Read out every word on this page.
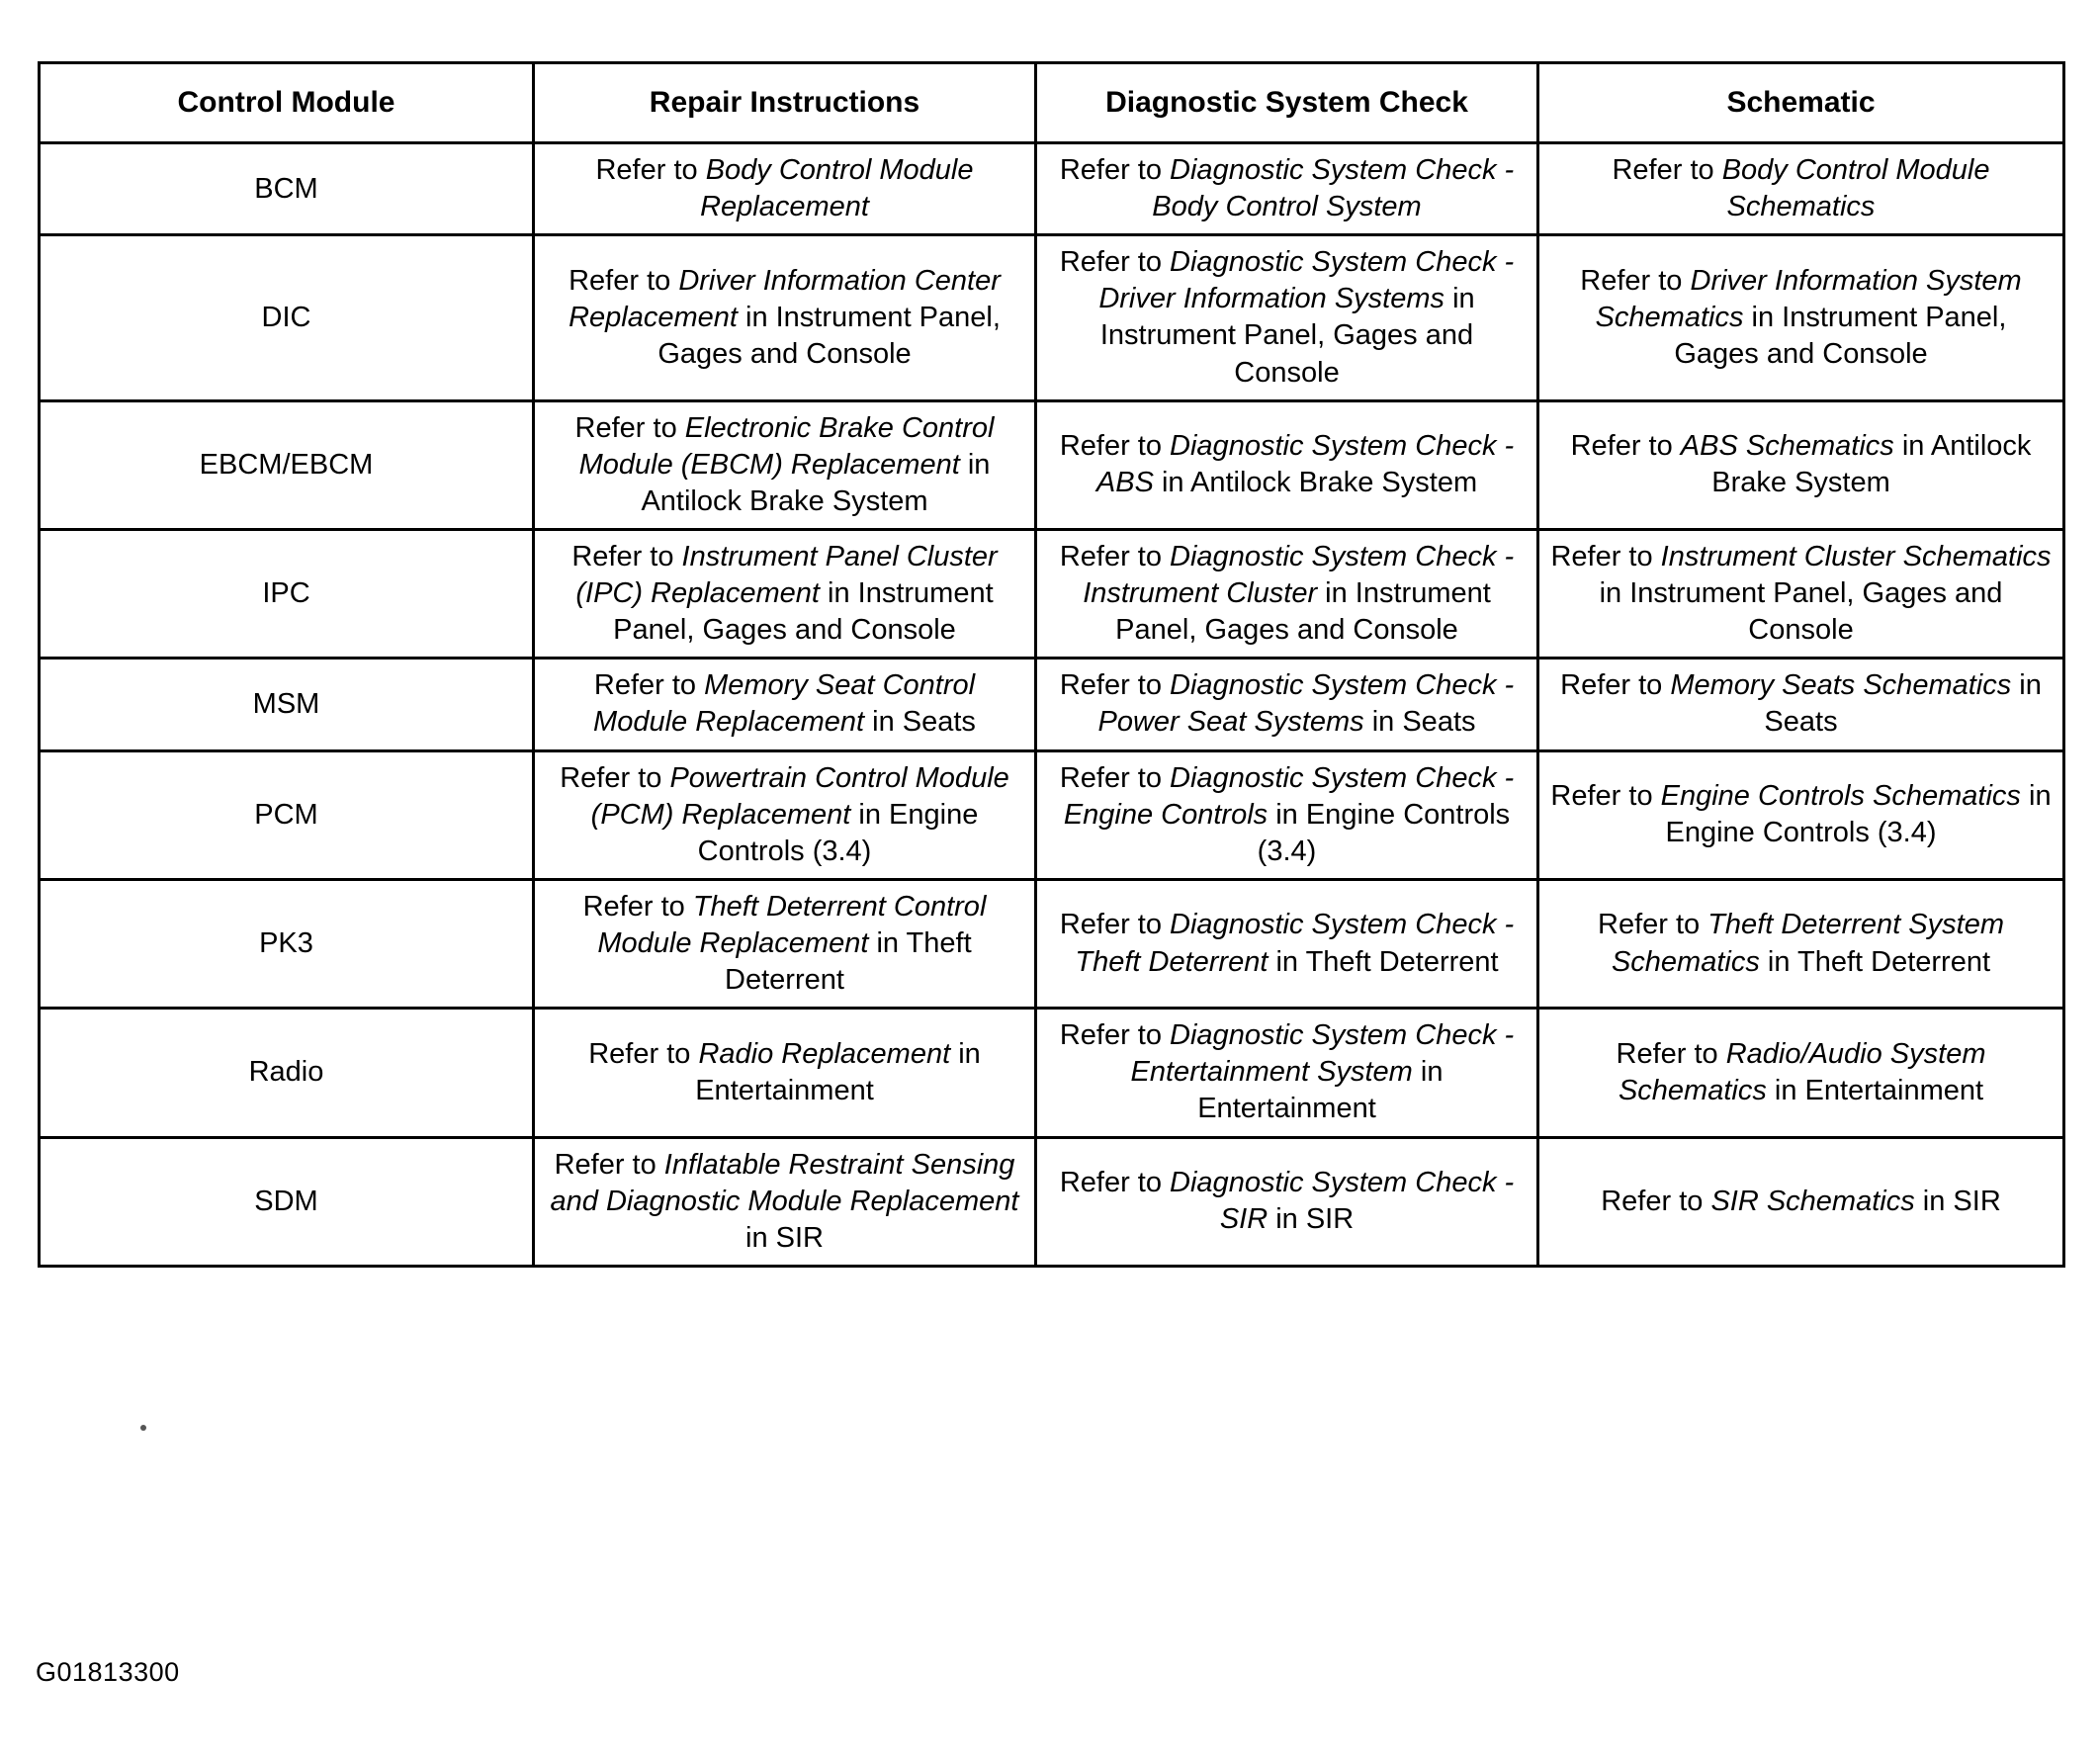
Control Module	Repair Instructions	Diagnostic System Check	Schematic
BCM	Refer to Body Control Module Replacement	Refer to Diagnostic System Check - Body Control System	Refer to Body Control Module Schematics
DIC	Refer to Driver Information Center Replacement in Instrument Panel, Gages and Console	Refer to Diagnostic System Check - Driver Information Systems in Instrument Panel, Gages and Console	Refer to Driver Information System Schematics in Instrument Panel, Gages and Console
EBCM/EBCM	Refer to Electronic Brake Control Module (EBCM) Replacement in Antilock Brake System	Refer to Diagnostic System Check - ABS in Antilock Brake System	Refer to ABS Schematics in Antilock Brake System
IPC	Refer to Instrument Panel Cluster (IPC) Replacement in Instrument Panel, Gages and Console	Refer to Diagnostic System Check - Instrument Cluster in Instrument Panel, Gages and Console	Refer to Instrument Cluster Schematics in Instrument Panel, Gages and Console
MSM	Refer to Memory Seat Control Module Replacement in Seats	Refer to Diagnostic System Check - Power Seat Systems in Seats	Refer to Memory Seats Schematics in Seats
PCM	Refer to Powertrain Control Module (PCM) Replacement in Engine Controls (3.4)	Refer to Diagnostic System Check - Engine Controls in Engine Controls (3.4)	Refer to Engine Controls Schematics in Engine Controls (3.4)
PK3	Refer to Theft Deterrent Control Module Replacement in Theft Deterrent	Refer to Diagnostic System Check - Theft Deterrent in Theft Deterrent	Refer to Theft Deterrent System Schematics in Theft Deterrent
Radio	Refer to Radio Replacement in Entertainment	Refer to Diagnostic System Check - Entertainment System in Entertainment	Refer to Radio/Audio System Schematics in Entertainment
SDM	Refer to Inflatable Restraint Sensing and Diagnostic Module Replacement in SIR	Refer to Diagnostic System Check - SIR in SIR	Refer to SIR Schematics in SIR
G01813300
